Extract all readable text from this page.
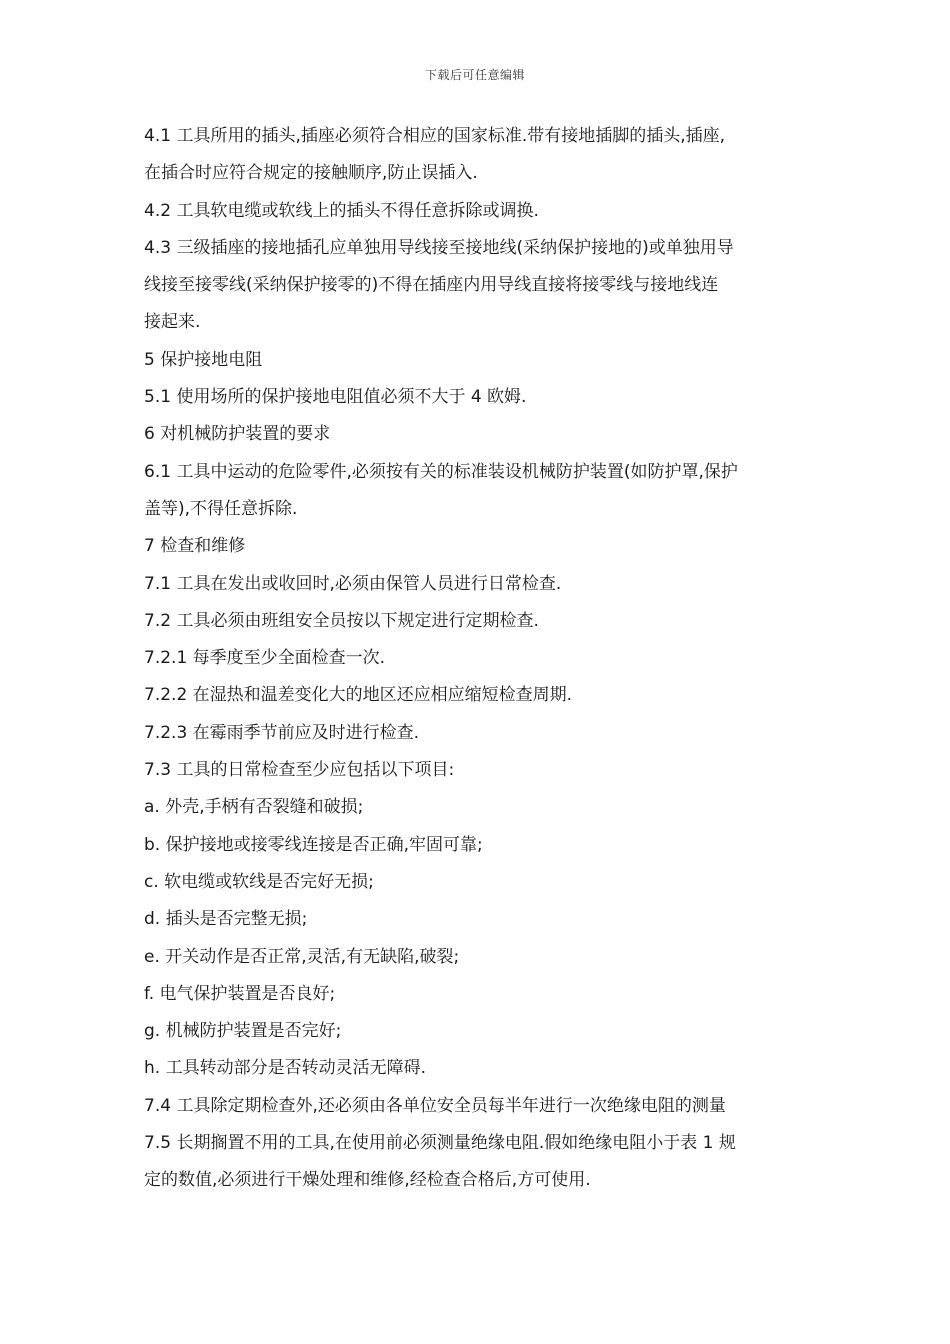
下载后可任意编辑
4.1 工具所用的插头,插座必须符合相应的国家标准.带有接地插脚的插头,插座,
在插合时应符合规定的接触顺序,防止误插入.
4.2 工具软电缆或软线上的插头不得任意拆除或调换.
4.3 三级插座的接地插孔应单独用导线接至接地线(采纳保护接地的)或单独用导
线接至接零线(采纳保护接零的)不得在插座内用导线直接将接零线与接地线连
接起来.
5 保护接地电阻
5.1 使用场所的保护接地电阻值必须不大于 4 欧姆.
6 对机械防护装置的要求
6.1 工具中运动的危险零件,必须按有关的标准装设机械防护装置(如防护罩,保护
盖等),不得任意拆除.
7 检查和维修
7.1 工具在发出或收回时,必须由保管人员进行日常检查.
7.2 工具必须由班组安全员按以下规定进行定期检查.
7.2.1 每季度至少全面检查一次.
7.2.2 在湿热和温差变化大的地区还应相应缩短检查周期.
7.2.3 在霉雨季节前应及时进行检查.
7.3 工具的日常检查至少应包括以下项目:
a. 外壳,手柄有否裂缝和破损;
b. 保护接地或接零线连接是否正确,牢固可靠;
c. 软电缆或软线是否完好无损;
d. 插头是否完整无损;
e. 开关动作是否正常,灵活,有无缺陷,破裂;
f. 电气保护装置是否良好;
g. 机械防护装置是否完好;
h. 工具转动部分是否转动灵活无障碍.
7.4 工具除定期检查外,还必须由各单位安全员每半年进行一次绝缘电阻的测量
7.5 长期搁置不用的工具,在使用前必须测量绝缘电阻.假如绝缘电阻小于表 1 规
定的数值,必须进行干燥处理和维修,经检查合格后,方可使用.
